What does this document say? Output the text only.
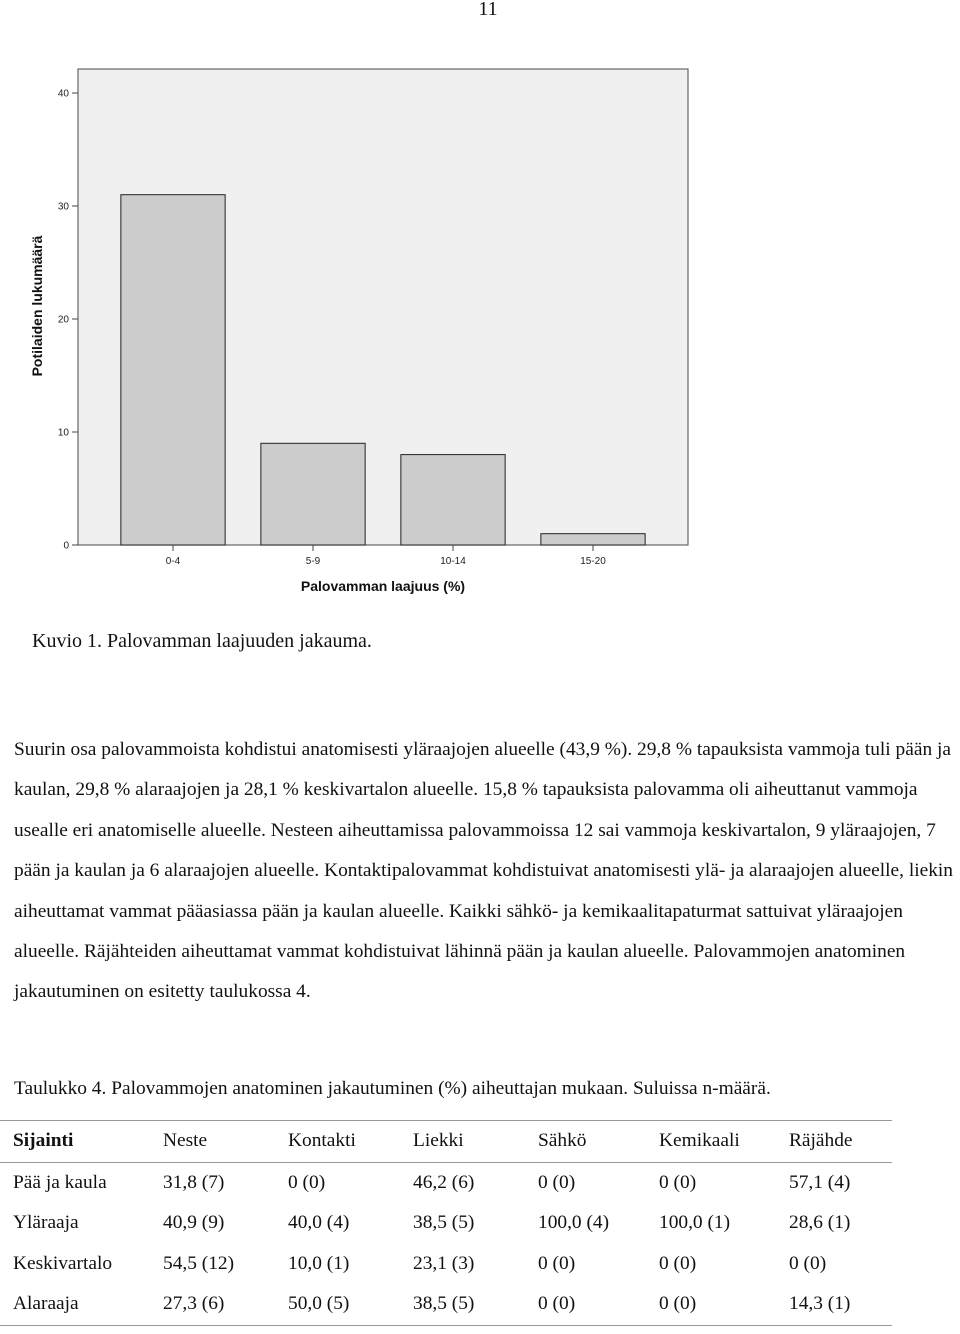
11
0
10
20
30
40
0-4	5-9	10-14	15-20
Potilaiden lukumäärä
Palovamman laajuus (%)
Kuvio 1. Palovamman laajuuden jakauma.

Suurin osa palovammoista kohdistui anatomisesti yläraajojen alueelle (43,9 %). 29,8 % tapauksista vammoja tuli pään ja kaulan, 29,8 % alaraajojen ja 28,1 % keskivartalon alueelle. 15,8 % tapauksista palovamma oli aiheuttanut vammoja usealle eri anatomiselle alueelle. Nesteen aiheuttamissa palovammoissa 12 sai vammoja keskivartalon, 9 yläraajojen, 7 pään ja kaulan ja 6 alaraajojen alueelle. Kontaktipalovammat kohdistuivat anatomisesti ylä- ja alaraajojen alueelle, liekin aiheuttamat vammat pääasiassa pään ja kaulan alueelle. Kaikki sähkö- ja kemikaalitapaturmat sattuivat yläraajojen alueelle. Räjähteiden aiheuttamat vammat kohdistuivat lähinnä pään ja kaulan alueelle. Palovammojen anatominen jakautuminen on esitetty taulukossa 4.

Taulukko 4. Palovammojen anatominen jakautuminen (%) aiheuttajan mukaan. Suluissa n-määrä.
Sijainti	Neste	Kontakti	Liekki	Sähkö	Kemikaali	Räjähde
Pää ja kaula	31,8 (7)	0 (0)	46,2 (6)	0 (0)	0 (0)	57,1 (4)
Yläraaja	40,9 (9)	40,0 (4)	38,5 (5)	100,0 (4)	100,0 (1)	28,6 (1)
Keskivartalo	54,5 (12)	10,0 (1)	23,1 (3)	0 (0)	0 (0)	0 (0)
Alaraaja	27,3 (6)	50,0 (5)	38,5 (5)	0 (0)	0 (0)	14,3 (1)
